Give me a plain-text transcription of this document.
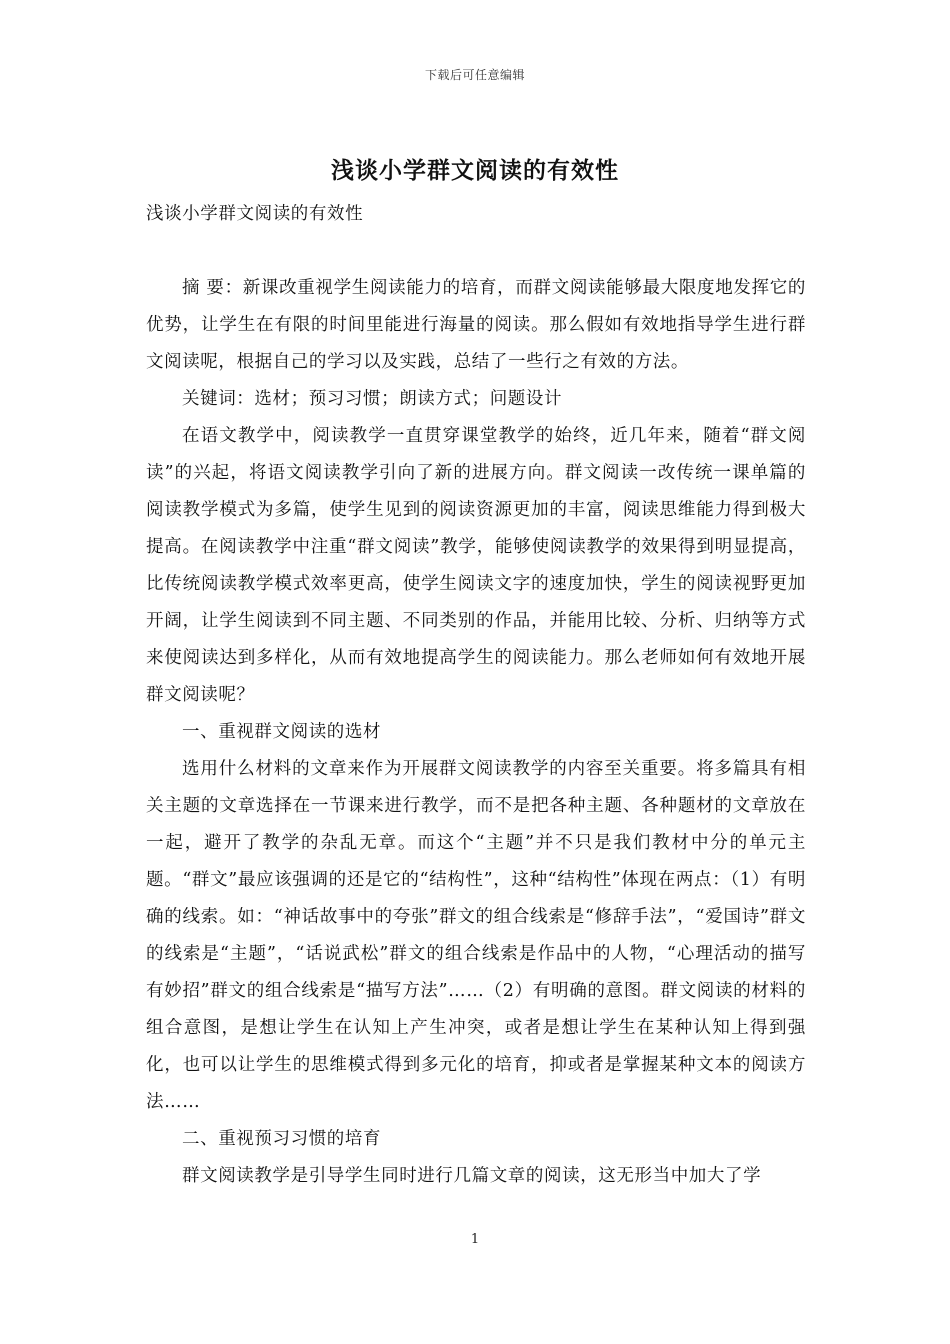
下载后可任意编辑
浅谈小学群文阅读的有效性

浅谈小学群文阅读的有效性

摘 要：新课改重视学生阅读能力的培育，而群文阅读能够最大限度地发挥它的优势，让学生在有限的时间里能进行海量的阅读。那么假如有效地指导学生进行群文阅读呢，根据自己的学习以及实践，总结了一些行之有效的方法。

关键词：选材；预习习惯；朗读方式；问题设计

在语文教学中，阅读教学一直贯穿课堂教学的始终，近几年来，随着“群文阅读”的兴起，将语文阅读教学引向了新的进展方向。群文阅读一改传统一课单篇的阅读教学模式为多篇，使学生见到的阅读资源更加的丰富，阅读思维能力得到极大提高。在阅读教学中注重“群文阅读”教学，能够使阅读教学的效果得到明显提高，比传统阅读教学模式效率更高，使学生阅读文字的速度加快，学生的阅读视野更加开阔，让学生阅读到不同主题、不同类别的作品，并能用比较、分析、归纳等方式来使阅读达到多样化，从而有效地提高学生的阅读能力。那么老师如何有效地开展群文阅读呢？

一、重视群文阅读的选材

选用什么材料的文章来作为开展群文阅读教学的内容至关重要。将多篇具有相关主题的文章选择在一节课来进行教学，而不是把各种主题、各种题材的文章放在一起，避开了教学的杂乱无章。而这个“主题”并不只是我们教材中分的单元主题。“群文”最应该强调的还是它的“结构性”，这种“结构性”体现在两点：（1）有明确的线索。如：“神话故事中的夸张”群文的组合线索是“修辞手法”，“爱国诗”群文的线索是“主题”，“话说武松”群文的组合线索是作品中的人物，“心理活动的描写有妙招”群文的组合线索是“描写方法”……（2）有明确的意图。群文阅读的材料的组合意图，是想让学生在认知上产生冲突，或者是想让学生在某种认知上得到强化，也可以让学生的思维模式得到多元化的培育，抑或者是掌握某种文本的阅读方法……

二、重视预习习惯的培育

群文阅读教学是引导学生同时进行几篇文章的阅读，这无形当中加大了学

1
